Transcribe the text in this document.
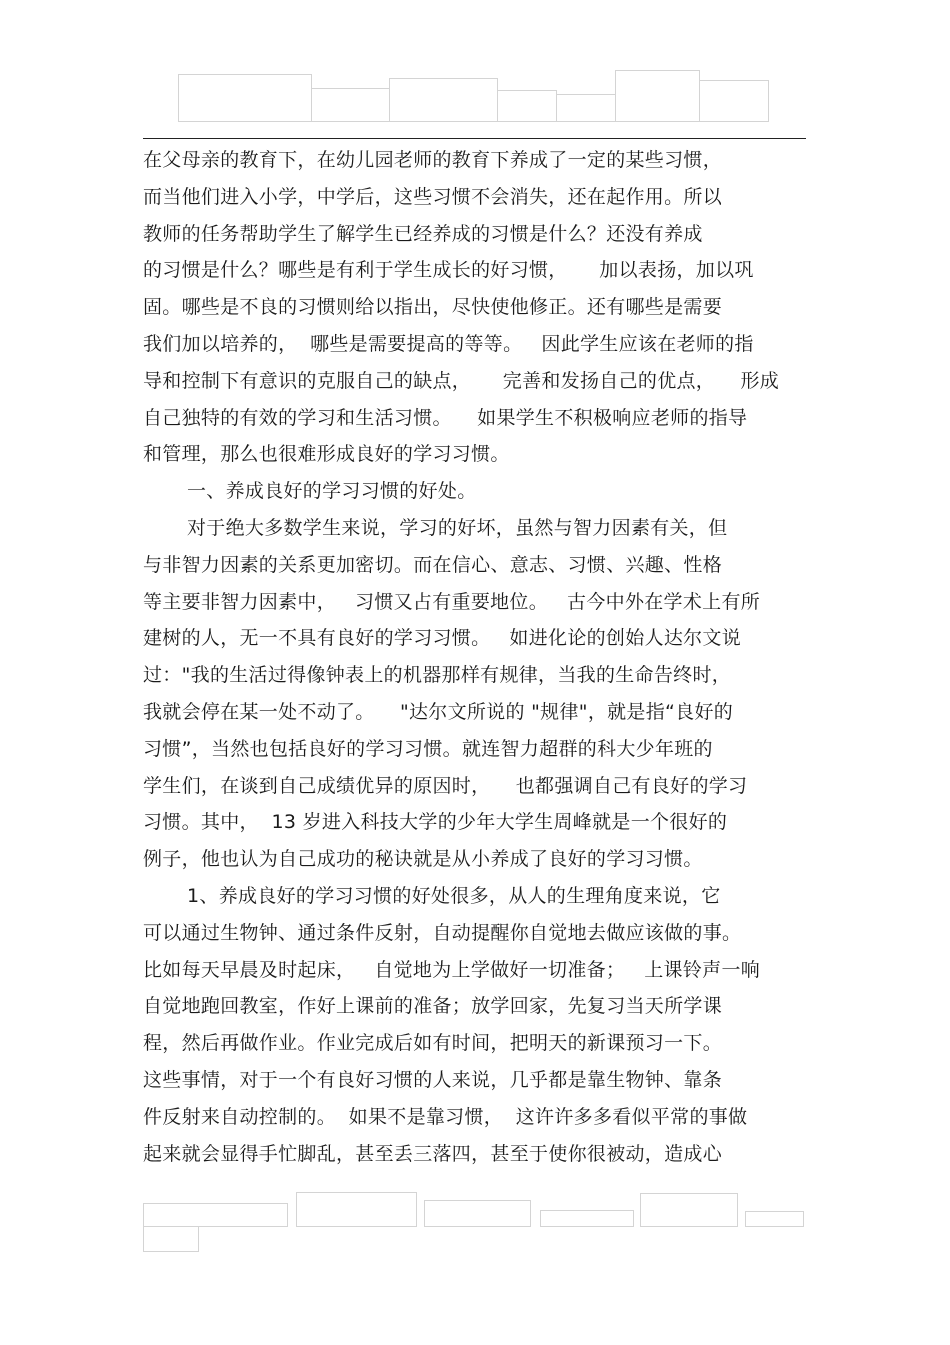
在父母亲的教育下，在幼儿园老师的教育下养成了一定的某些习惯，
而当他们进入小学，中学后，这些习惯不会消失，还在起作用。所以
教师的任务帮助学生了解学生已经养成的习惯是什么？还没有养成
的习惯是什么？哪些是有利于学生成长的好习惯，     加以表扬，加以巩
固。哪些是不良的习惯则给以指出，尽快使他修正。还有哪些是需要
我们加以培养的，  哪些是需要提高的等等。   因此学生应该在老师的指
导和控制下有意识的克服自己的缺点，     完善和发扬自己的优点，    形成
自己独特的有效的学习和生活习惯。    如果学生不积极响应老师的指导
和管理，那么也很难形成良好的学习习惯。
一、养成良好的学习习惯的好处。
对于绝大多数学生来说，学习的好坏，虽然与智力因素有关，但
与非智力因素的关系更加密切。而在信心、意志、习惯、兴趣、性格
等主要非智力因素中，   习惯又占有重要地位。   古今中外在学术上有所
建树的人，无一不具有良好的学习习惯。   如进化论的创始人达尔文说
过："我的生活过得像钟表上的机器那样有规律，当我的生命告终时，
我就会停在某一处不动了。    "达尔文所说的 "规律"，就是指“良好的
习惯”，当然也包括良好的学习习惯。就连智力超群的科大少年班的
学生们，在谈到自己成绩优异的原因时，    也都强调自己有良好的学习
习惯。其中，  13 岁进入科技大学的少年大学生周峰就是一个很好的
例子，他也认为自己成功的秘诀就是从小养成了良好的学习习惯。
1、养成良好的学习习惯的好处很多，从人的生理角度来说，它
可以通过生物钟、通过条件反射，自动提醒你自觉地去做应该做的事。
比如每天早晨及时起床，   自觉地为上学做好一切准备；   上课铃声一响
自觉地跑回教室，作好上课前的准备；放学回家，先复习当天所学课
程，然后再做作业。作业完成后如有时间，把明天的新课预习一下。
这些事情，对于一个有良好习惯的人来说，几乎都是靠生物钟、靠条
件反射来自动控制的。  如果不是靠习惯，  这许许多多看似平常的事做
起来就会显得手忙脚乱，甚至丢三落四，甚至于使你很被动，造成心
